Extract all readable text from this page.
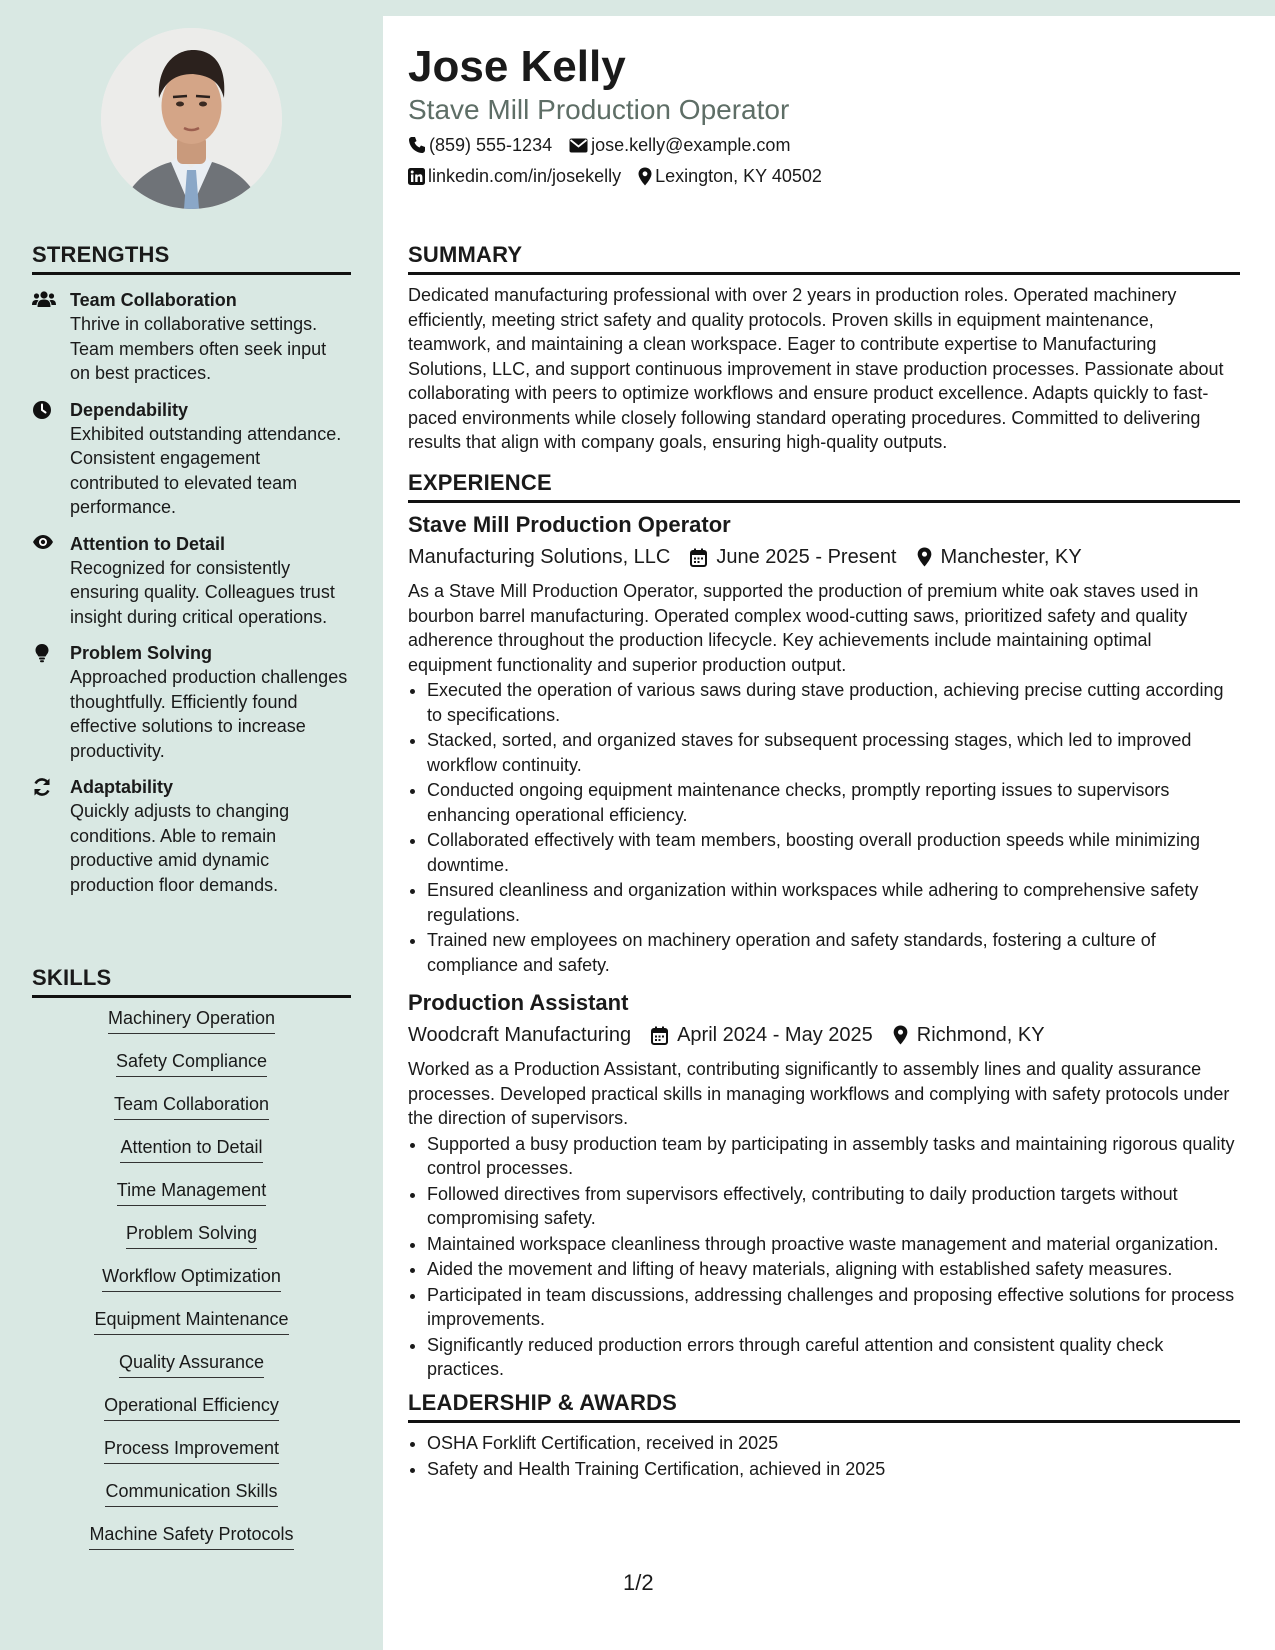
STRENGTHS
Team Collaboration
Thrive in collaborative settings. Team members often seek input on best practices.
Dependability
Exhibited outstanding attendance. Consistent engagement contributed to elevated team performance.
Attention to Detail
Recognized for consistently ensuring quality. Colleagues trust insight during critical operations.
Problem Solving
Approached production challenges thoughtfully. Efficiently found effective solutions to increase productivity.
Adaptability
Quickly adjusts to changing conditions. Able to remain productive amid dynamic production floor demands.
SKILLS
Machinery Operation
Safety Compliance
Team Collaboration
Attention to Detail
Time Management
Problem Solving
Workflow Optimization
Equipment Maintenance
Quality Assurance
Operational Efficiency
Process Improvement
Communication Skills
Machine Safety Protocols
Jose Kelly
Stave Mill Production Operator
(859) 555-1234 jose.kelly@example.com
linkedin.com/in/josekelly Lexington, KY 40502
SUMMARY

Dedicated manufacturing professional with over 2 years in production roles. Operated machinery efficiently, meeting strict safety and quality protocols. Proven skills in equipment maintenance, teamwork, and maintaining a clean workspace. Eager to contribute expertise to Manufacturing Solutions, LLC, and support continuous improvement in stave production processes. Passionate about collaborating with peers to optimize workflows and ensure product excellence. Adapts quickly to fast-paced environments while closely following standard operating procedures. Committed to delivering results that align with company goals, ensuring high-quality outputs.

EXPERIENCE
Stave Mill Production Operator
Manufacturing Solutions, LLC June 2025 - Present Manchester, KY

As a Stave Mill Production Operator, supported the production of premium white oak staves used in bourbon barrel manufacturing. Operated complex wood-cutting saws, prioritized safety and quality adherence throughout the production lifecycle. Key achievements include maintaining optimal equipment functionality and superior production output.

• Executed the operation of various saws during stave production, achieving precise cutting according to specifications.
• Stacked, sorted, and organized staves for subsequent processing stages, which led to improved workflow continuity.
• Conducted ongoing equipment maintenance checks, promptly reporting issues to supervisors enhancing operational efficiency.
• Collaborated effectively with team members, boosting overall production speeds while minimizing downtime.
• Ensured cleanliness and organization within workspaces while adhering to comprehensive safety regulations.
• Trained new employees on machinery operation and safety standards, fostering a culture of compliance and safety.
Production Assistant
Woodcraft Manufacturing April 2024 - May 2025 Richmond, KY

Worked as a Production Assistant, contributing significantly to assembly lines and quality assurance processes. Developed practical skills in managing workflows and complying with safety protocols under the direction of supervisors.

• Supported a busy production team by participating in assembly tasks and maintaining rigorous quality control processes.
• Followed directives from supervisors effectively, contributing to daily production targets without compromising safety.
• Maintained workspace cleanliness through proactive waste management and material organization.
• Aided the movement and lifting of heavy materials, aligning with established safety measures.
• Participated in team discussions, addressing challenges and proposing effective solutions for process improvements.
• Significantly reduced production errors through careful attention and consistent quality check practices.
LEADERSHIP & AWARDS
• OSHA Forklift Certification, received in 2025
• Safety and Health Training Certification, achieved in 2025
1/2
